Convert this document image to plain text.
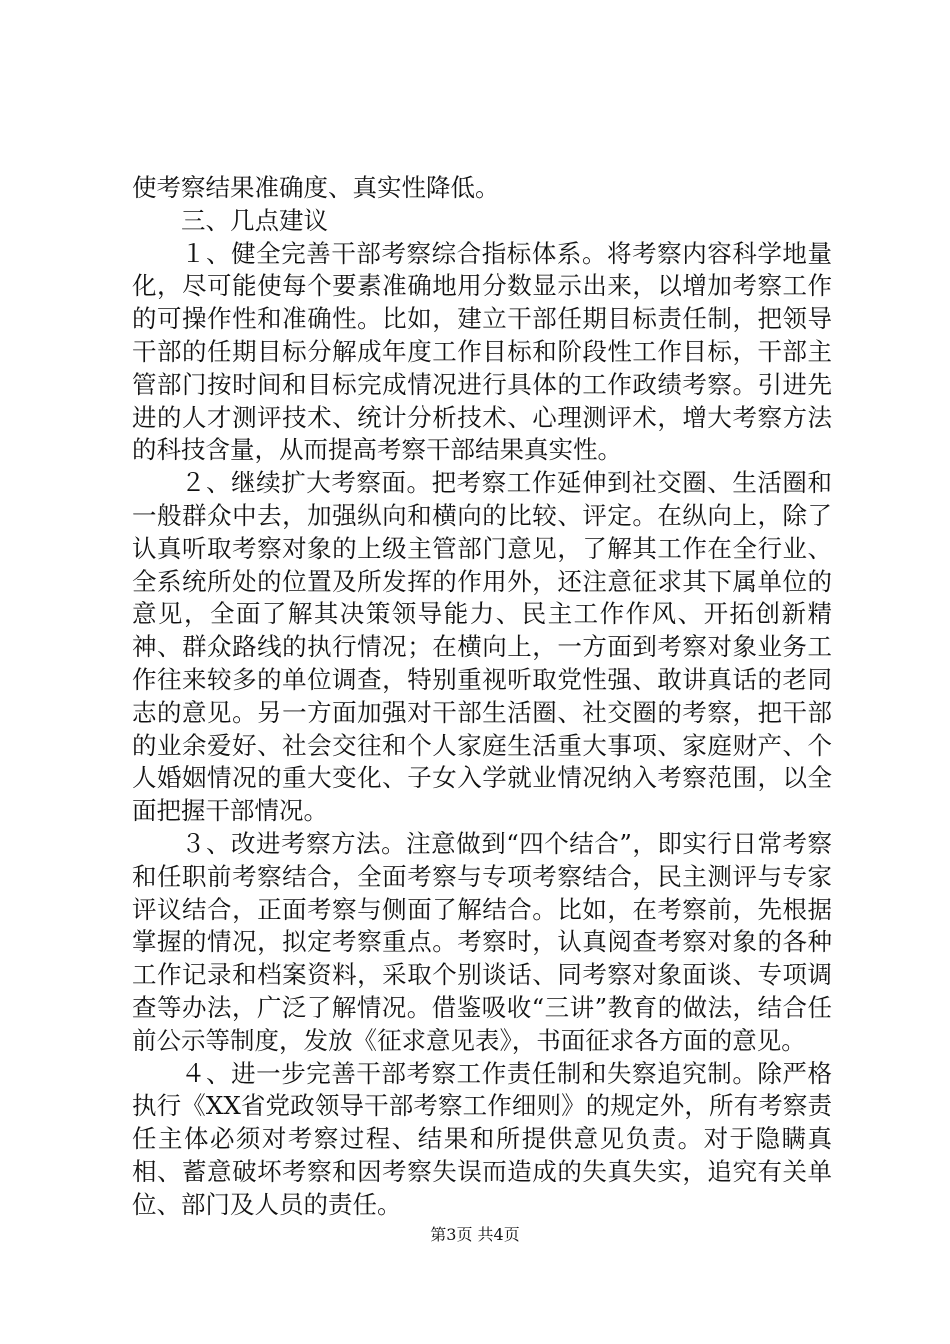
使考察结果准确度、真实性降低。

三、几点建议

１、健全完善干部考察综合指标体系。将考察内容科学地量化，尽可能使每个要素准确地用分数显示出来，以增加考察工作的可操作性和准确性。比如，建立干部任期目标责任制，把领导干部的任期目标分解成年度工作目标和阶段性工作目标，干部主管部门按时间和目标完成情况进行具体的工作政绩考察。引进先进的人才测评技术、统计分析技术、心理测评术，增大考察方法的科技含量，从而提高考察干部结果真实性。

２、继续扩大考察面。把考察工作延伸到社交圈、生活圈和一般群众中去，加强纵向和横向的比较、评定。在纵向上，除了认真听取考察对象的上级主管部门意见，了解其工作在全行业、全系统所处的位置及所发挥的作用外，还注意征求其下属单位的意见，全面了解其决策领导能力、民主工作作风、开拓创新精神、群众路线的执行情况；在横向上，一方面到考察对象业务工作往来较多的单位调查，特别重视听取党性强、敢讲真话的老同志的意见。另一方面加强对干部生活圈、社交圈的考察，把干部的业余爱好、社会交往和个人家庭生活重大事项、家庭财产、个人婚姻情况的重大变化、子女入学就业情况纳入考察范围，以全面把握干部情况。

３、改进考察方法。注意做到“四个结合”，即实行日常考察和任职前考察结合，全面考察与专项考察结合，民主测评与专家评议结合，正面考察与侧面了解结合。比如，在考察前，先根据掌握的情况，拟定考察重点。考察时，认真阅查考察对象的各种工作记录和档案资料，采取个别谈话、同考察对象面谈、专项调查等办法，广泛了解情况。借鉴吸收“三讲”教育的做法，结合任前公示等制度，发放《征求意见表》，书面征求各方面的意见。

４、进一步完善干部考察工作责任制和失察追究制。除严格执行《XX省党政领导干部考察工作细则》的规定外，所有考察责任主体必须对考察过程、结果和所提供意见负责。对于隐瞒真相、蓄意破坏考察和因考察失误而造成的失真失实，追究有关单位、部门及人员的责任。

第3页 共4页
